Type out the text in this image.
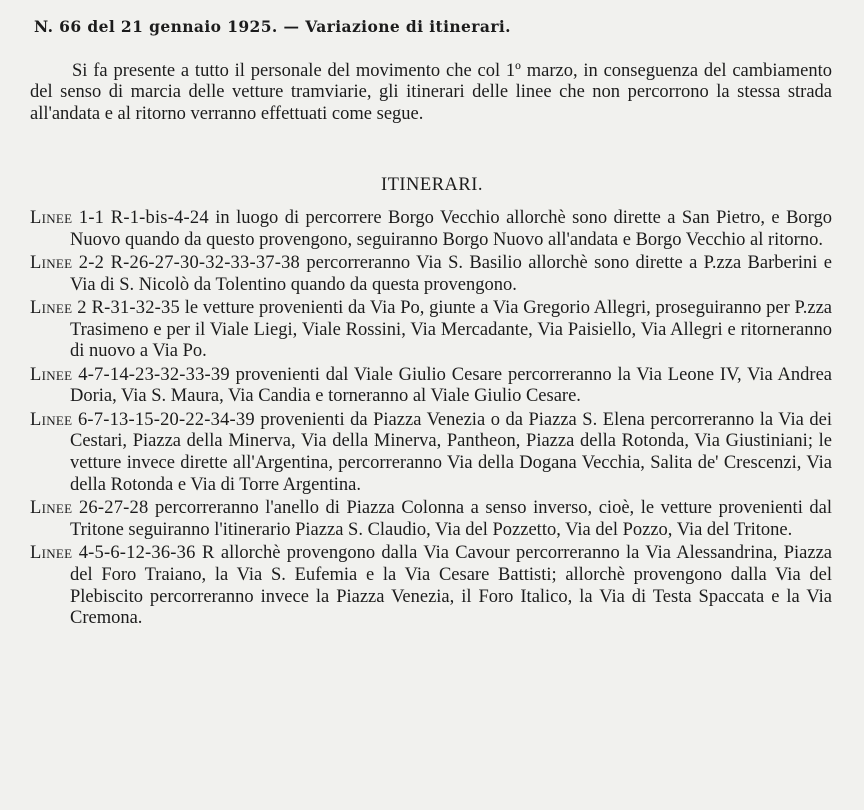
N. 66 del 21 gennaio 1925. — Variazione di itinerari.
Si fa presente a tutto il personale del movimento che col 1º marzo, in conseguenza del cambiamento del senso di marcia delle vetture tramviarie, gli itinerari delle linee che non percorrono la stessa strada all'andata e al ritorno verranno effettuati come segue.
ITINERARI.
Linee 1-1 R-1-bis-4-24 in luogo di percorrere Borgo Vecchio allorchè sono dirette a San Pietro, e Borgo Nuovo quando da questo provengono, seguiranno Borgo Nuovo all'andata e Borgo Vecchio al ritorno.
Linee 2-2 R-26-27-30-32-33-37-38 percorreranno Via S. Basilio allorchè sono dirette a P.zza Barberini e Via di S. Nicolò da Tolentino quando da questa provengono.
Linee 2 R-31-32-35 le vetture provenienti da Via Po, giunte a Via Gregorio Allegri, proseguiranno per P.zza Trasimeno e per il Viale Liegi, Viale Rossini, Via Mercadante, Via Paisiello, Via Allegri e ritorneranno di nuovo a Via Po.
Linee 4-7-14-23-32-33-39 provenienti dal Viale Giulio Cesare percorreranno la Via Leone IV, Via Andrea Doria, Via S. Maura, Via Candia e torneranno al Viale Giulio Cesare.
Linee 6-7-13-15-20-22-34-39 provenienti da Piazza Venezia o da Piazza S. Elena percorreranno la Via dei Cestari, Piazza della Minerva, Via della Minerva, Pantheon, Piazza della Rotonda, Via Giustiniani; le vetture invece dirette all'Argentina, percorreranno Via della Dogana Vecchia, Salita de' Crescenzi, Via della Rotonda e Via di Torre Argentina.
Linee 26-27-28 percorreranno l'anello di Piazza Colonna a senso inverso, cioè, le vetture provenienti dal Tritone seguiranno l'itinerario Piazza S. Claudio, Via del Pozzetto, Via del Pozzo, Via del Tritone.
Linee 4-5-6-12-36-36 R allorchè provengono dalla Via Cavour percorreranno la Via Alessandrina, Piazza del Foro Traiano, la Via S. Eufemia e la Via Cesare Battisti; allorchè provengono dalla Via del Plebiscito percorreranno invece la Piazza Venezia, il Foro Italico, la Via di Testa Spaccata e la Via Cremona.
